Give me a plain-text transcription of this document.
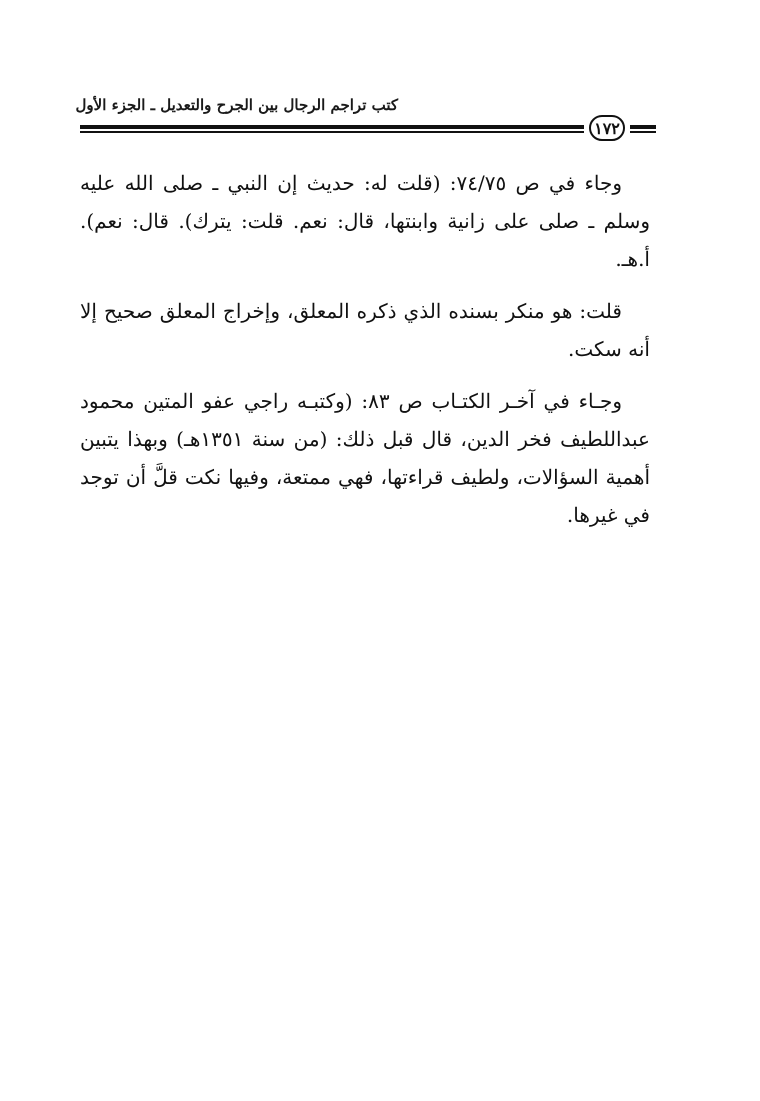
كتب تراجم الرجال بين الجرح والتعديل ـ الجزء الأول
١٧٢

وجاء في ص ٧٤/٧٥: (قلت له: حديث إن النبي ـ صلى الله عليه وسلم ـ صلى على زانية وابنتها، قال: نعم. قلت: يترك). قال: نعم). أ.هـ.

قلت: هو منكر بسنده الذي ذكره المعلق، وإخراج المعلق صحيح إلا أنه سكت.

وجـاء في آخـر الكتـاب ص ٨٣: (وكتبـه راجي عفو المتين محمود عبداللطيف فخر الدين، قال قبل ذلك: (من سنة ١٣٥١هـ) وبهذا يتبين أهمية السؤالات، ولطيف قراءتها، فهي ممتعة، وفيها نكت قلَّ أن توجد في غيرها.
